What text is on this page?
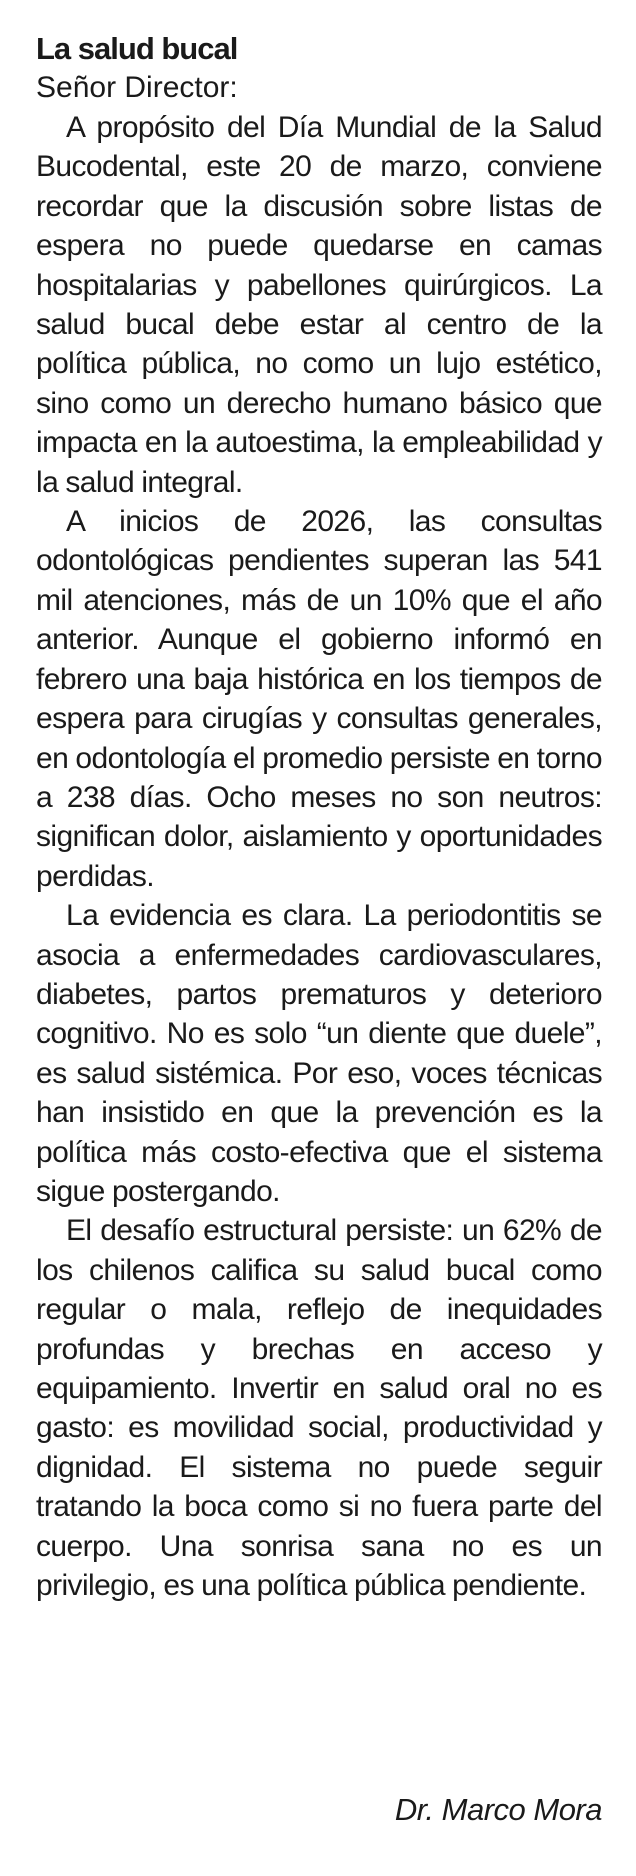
La salud bucal

Señor Director:

A propósito del Día Mundial de la Salud Bucodental, este 20 de marzo, conviene recordar que la discusión sobre listas de espera no puede quedarse en camas hospitalarias y pabellones quirúrgicos. La salud bucal debe estar al centro de la política pública, no como un lujo estético, sino como un derecho humano básico que impacta en la autoestima, la empleabilidad y la salud integral.

A inicios de 2026, las consultas odontológicas pendientes superan las 541 mil atenciones, más de un 10% que el año anterior. Aunque el gobierno informó en febrero una baja histórica en los tiempos de espera para cirugías y consultas generales, en odontología el promedio persiste en torno a 238 días. Ocho meses no son neutros: significan dolor, aislamiento y oportunidades perdidas.

La evidencia es clara. La periodontitis se asocia a enfermedades cardiovasculares, diabetes, partos prematuros y deterioro cognitivo. No es solo “un diente que duele”, es salud sistémica. Por eso, voces técnicas han insistido en que la prevención es la política más costo-efectiva que el sistema sigue postergando.

El desafío estructural persiste: un 62% de los chilenos califica su salud bucal como regular o mala, reflejo de inequidades profundas y brechas en acceso y equipamiento. Invertir en salud oral no es gasto: es movilidad social, productividad y dignidad. El sistema no puede seguir tratando la boca como si no fuera parte del cuerpo. Una sonrisa sana no es un privilegio, es una política pública pendiente.

Dr. Marco Mora
